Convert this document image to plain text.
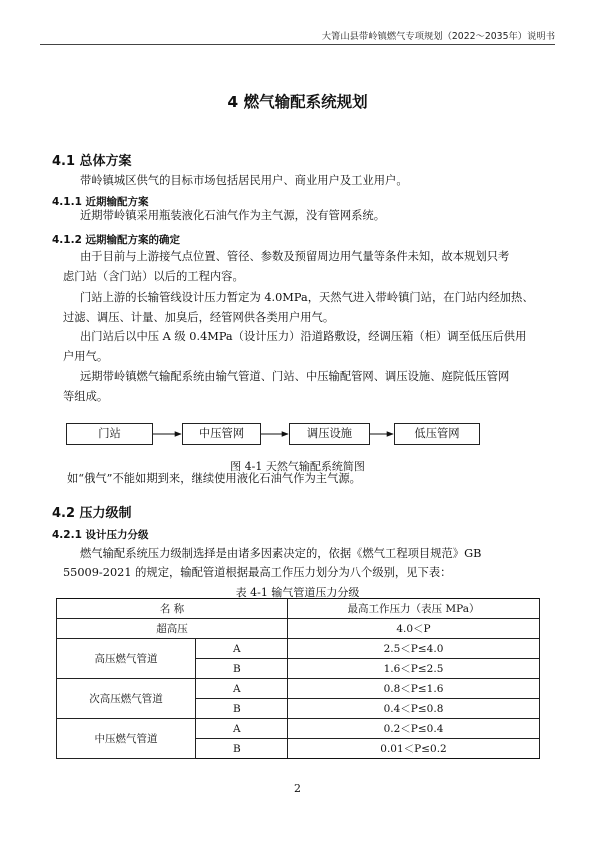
大箐山县带岭镇燃气专项规划（2022～2035年）说明书
4 燃气输配系统规划
4.1 总体方案
带岭镇城区供气的目标市场包括居民用户、商业用户及工业用户。
4.1.1 近期输配方案
近期带岭镇采用瓶装液化石油气作为主气源，没有管网系统。
4.1.2 远期输配方案的确定
由于目前与上游接气点位置、管径、参数及预留周边用气量等条件未知，故本规划只考
虑门站（含门站）以后的工程内容。
门站上游的长输管线设计压力暂定为 4.0MPa，天然气进入带岭镇门站，在门站内经加热、
过滤、调压、计量、加臭后，经管网供各类用户用气。
出门站后以中压 A 级 0.4MPa（设计压力）沿道路敷设，经调压箱（柜）调至低压后供用
户用气。
远期带岭镇燃气输配系统由输气管道、门站、中压输配管网、调压设施、庭院低压管网
等组成。
门站	中压管网	调压设施	低压管网
图 4-1 天然气输配系统简图
如“俄气”不能如期到来，继续使用液化石油气作为主气源。
4.2 压力级制
4.2.1 设计压力分级
燃气输配系统压力级制选择是由诸多因素决定的，依据《燃气工程项目规范》GB
55009-2021 的规定，输配管道根据最高工作压力划分为八个级别，见下表：
表 4-1 输气管道压力分级
名 称		最高工作压力（表压 MPa）
超高压		4.0＜P
高压燃气管道	A	2.5＜P≤4.0
	B	1.6＜P≤2.5
次高压燃气管道	A	0.8＜P≤1.6
	B	0.4＜P≤0.8
中压燃气管道	A	0.2＜P≤0.4
	B	0.01＜P≤0.2
2
